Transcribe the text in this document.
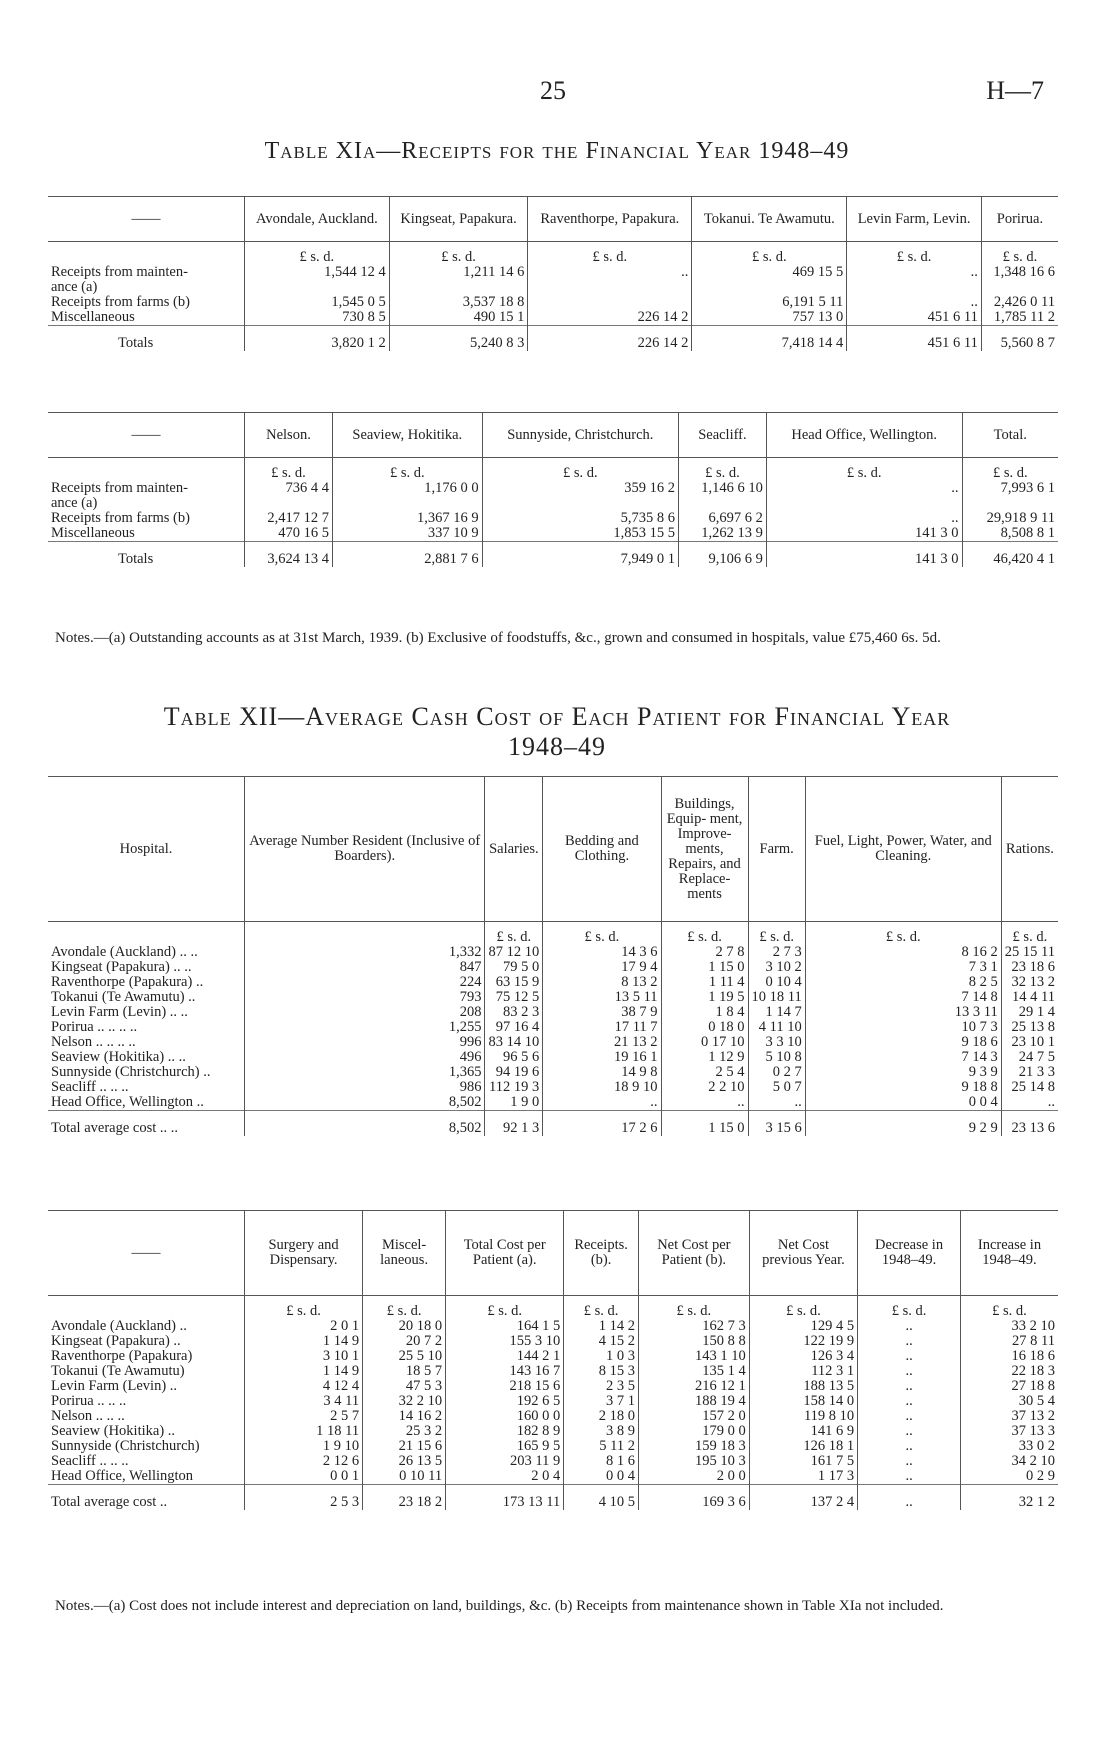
25	H—7
Table XIa—Receipts for the Financial Year 1948–49
——	Avondale, Auckland.	Kingseat, Papakura.	Raventhorpe, Papakura.	Tokanui. Te Awamutu.	Levin Farm, Levin.	Porirua.
	£ s. d.	£ s. d.	£ s. d.	£ s. d.	£ s. d.	£ s. d.
Receipts from mainten-	1,544 12 4	1,211 14 6	..	469 15 5	..	1,348 16 6
ance (a)						
Receipts from farms (b)	1,545 0 5	3,537 18 8		6,191 5 11	..	2,426 0 11
Miscellaneous	730 8 5	490 15 1	226 14 2	757 13 0	451 6 11	1,785 11 2
Totals	3,820 1 2	5,240 8 3	226 14 2	7,418 14 4	451 6 11	5,560 8 7
——	Nelson.	Seaview, Hokitika.	Sunnyside, Christchurch.	Seacliff.	Head Office, Wellington.	Total.
	£ s. d.	£ s. d.	£ s. d.	£ s. d.	£ s. d.	£ s. d.
Receipts from mainten-	736 4 4	1,176 0 0	359 16 2	1,146 6 10	..	7,993 6 1
ance (a)						
Receipts from farms (b)	2,417 12 7	1,367 16 9	5,735 8 6	6,697 6 2	..	29,918 9 11
Miscellaneous	470 16 5	337 10 9	1,853 15 5	1,262 13 9	141 3 0	8,508 8 1
Totals	3,624 13 4	2,881 7 6	7,949 0 1	9,106 6 9	141 3 0	46,420 4 1
Notes.—(a) Outstanding accounts as at 31st March, 1939. (b) Exclusive of foodstuffs, &c., grown and consumed in hospitals, value £75,460 6s. 5d.
Table XII—Average Cash Cost of Each Patient for Financial Year
1948–49
Hospital.	Average Number Resident (Inclusive of Boarders).	Salaries.	Bedding and Clothing.	Buildings, Equip- ment, Improve- ments, Repairs, and Replace- ments	Farm.	Fuel, Light, Power, Water, and Cleaning.	Rations.
		£ s. d.	£ s. d.	£ s. d.	£ s. d.	£ s. d.	£ s. d.
Avondale (Auckland) .. ..	1,332	87 12 10	14 3 6	2 7 8	2 7 3	8 16 2	25 15 11
Kingseat (Papakura) .. ..	847	79 5 0	17 9 4	1 15 0	3 10 2	7 3 1	23 18 6
Raventhorpe (Papakura) ..	224	63 15 9	8 13 2	1 11 4	0 10 4	8 2 5	32 13 2
Tokanui (Te Awamutu) ..	793	75 12 5	13 5 11	1 19 5	10 18 11	7 14 8	14 4 11
Levin Farm (Levin) .. ..	208	83 2 3	38 7 9	1 8 4	1 14 7	13 3 11	29 1 4
Porirua .. .. .. ..	1,255	97 16 4	17 11 7	0 18 0	4 11 10	10 7 3	25 13 8
Nelson .. .. .. ..	996	83 14 10	21 13 2	0 17 10	3 3 10	9 18 6	23 10 1
Seaview (Hokitika) .. ..	496	96 5 6	19 16 1	1 12 9	5 10 8	7 14 3	24 7 5
Sunnyside (Christchurch) ..	1,365	94 19 6	14 9 8	2 5 4	0 2 7	9 3 9	21 3 3
Seacliff .. .. ..	986	112 19 3	18 9 10	2 2 10	5 0 7	9 18 8	25 14 8
Head Office, Wellington ..	8,502	1 9 0	..	..	..	0 0 4	..
Total average cost .. ..	8,502	92 1 3	17 2 6	1 15 0	3 15 6	9 2 9	23 13 6
——	Surgery and Dispensary.	Miscel- laneous.	Total Cost per Patient (a).	Receipts. (b).	Net Cost per Patient (b).	Net Cost previous Year.	Decrease in 1948–49.	Increase in 1948–49.
	£ s. d.	£ s. d.	£ s. d.	£ s. d.	£ s. d.	£ s. d.	£ s. d.	£ s. d.
Avondale (Auckland) ..	2 0 1	20 18 0	164 1 5	1 14 2	162 7 3	129 4 5	..	33 2 10
Kingseat (Papakura) ..	1 14 9	20 7 2	155 3 10	4 15 2	150 8 8	122 19 9	..	27 8 11
Raventhorpe (Papakura)	3 10 1	25 5 10	144 2 1	1 0 3	143 1 10	126 3 4	..	16 18 6
Tokanui (Te Awamutu)	1 14 9	18 5 7	143 16 7	8 15 3	135 1 4	112 3 1	..	22 18 3
Levin Farm (Levin) ..	4 12 4	47 5 3	218 15 6	2 3 5	216 12 1	188 13 5	..	27 18 8
Porirua .. .. ..	3 4 11	32 2 10	192 6 5	3 7 1	188 19 4	158 14 0	..	30 5 4
Nelson .. .. ..	2 5 7	14 16 2	160 0 0	2 18 0	157 2 0	119 8 10	..	37 13 2
Seaview (Hokitika) ..	1 18 11	25 3 2	182 8 9	3 8 9	179 0 0	141 6 9	..	37 13 3
Sunnyside (Christchurch)	1 9 10	21 15 6	165 9 5	5 11 2	159 18 3	126 18 1	..	33 0 2
Seacliff .. .. ..	2 12 6	26 13 5	203 11 9	8 1 6	195 10 3	161 7 5	..	34 2 10
Head Office, Wellington	0 0 1	0 10 11	2 0 4	0 0 4	2 0 0	1 17 3	..	0 2 9
Total average cost ..	2 5 3	23 18 2	173 13 11	4 10 5	169 3 6	137 2 4	..	32 1 2
Notes.—(a) Cost does not include interest and depreciation on land, buildings, &c. (b) Receipts from maintenance shown in Table XIa not included.
